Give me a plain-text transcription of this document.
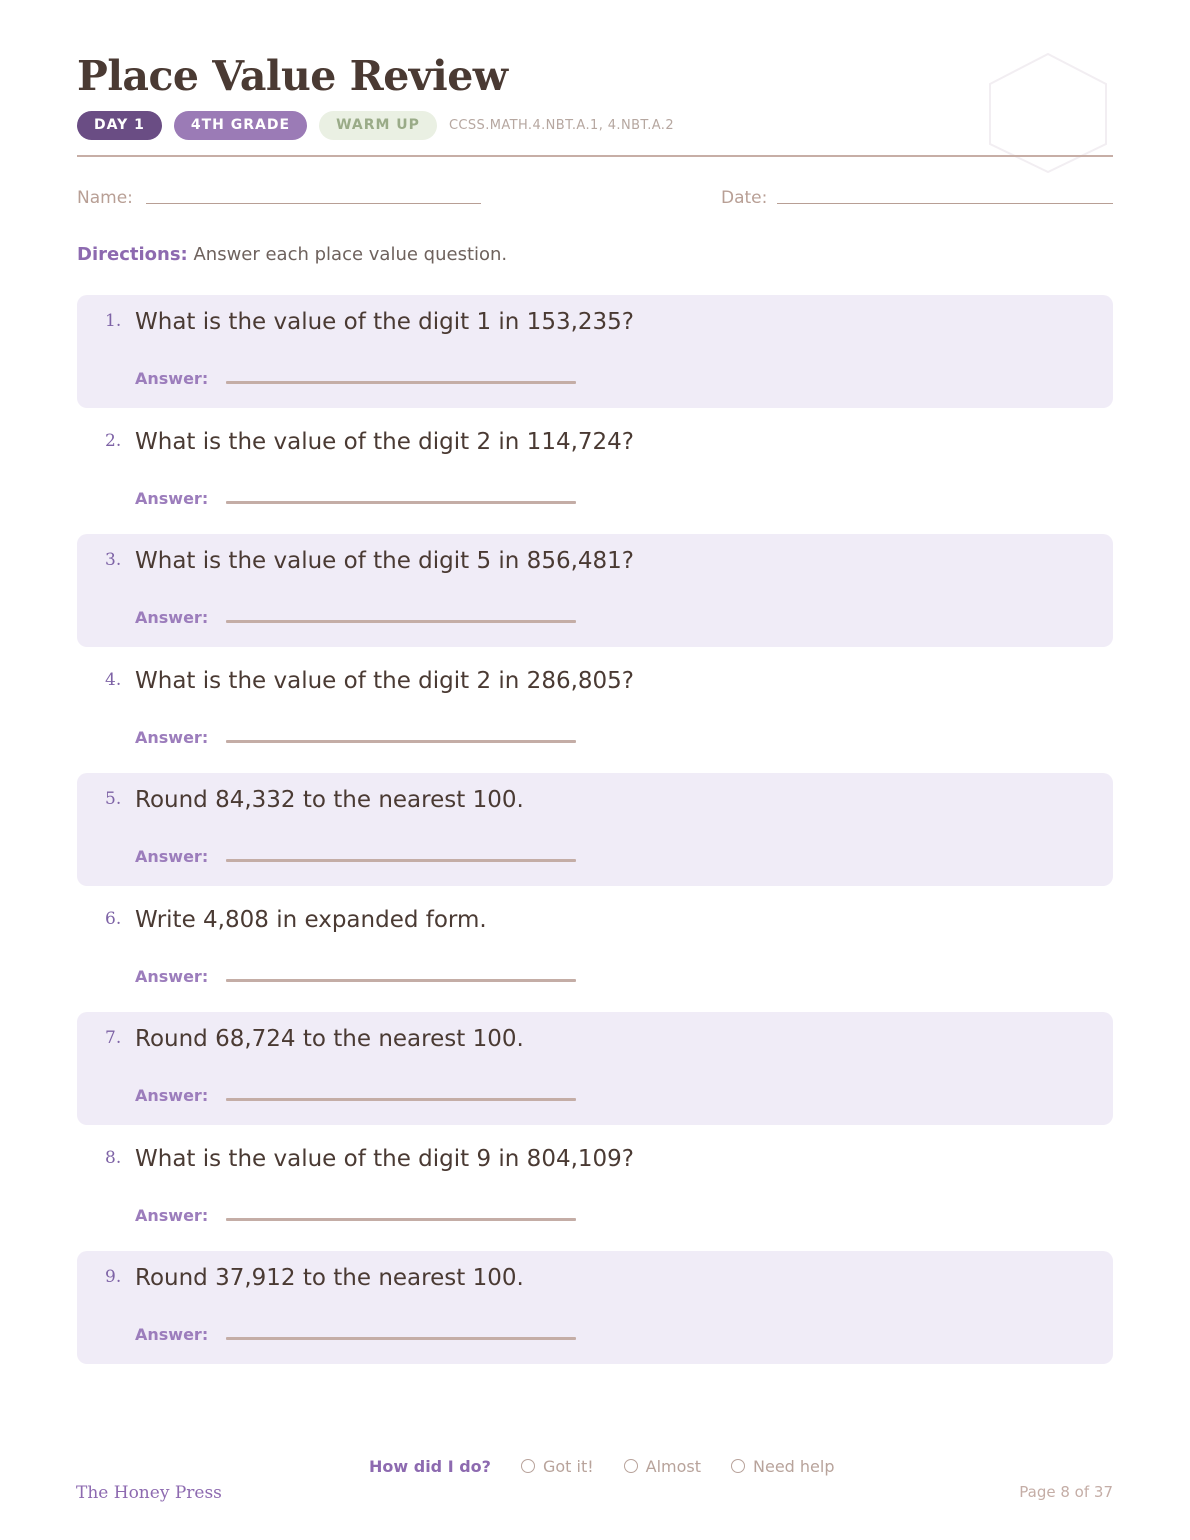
Place Value Review
DAY 1	4TH GRADE	WARM UP	CCSS.MATH.4.NBT.A.1, 4.NBT.A.2
Name:	Date:
Directions: Answer each place value question.
1. What is the value of the digit 1 in 153,235?
Answer:
2. What is the value of the digit 2 in 114,724?
Answer:
3. What is the value of the digit 5 in 856,481?
Answer:
4. What is the value of the digit 2 in 286,805?
Answer:
5. Round 84,332 to the nearest 100.
Answer:
6. Write 4,808 in expanded form.
Answer:
7. Round 68,724 to the nearest 100.
Answer:
8. What is the value of the digit 9 in 804,109?
Answer:
9. Round 37,912 to the nearest 100.
Answer:
How did I do?	Got it!	Almost	Need help
The Honey Press	Page 8 of 37
